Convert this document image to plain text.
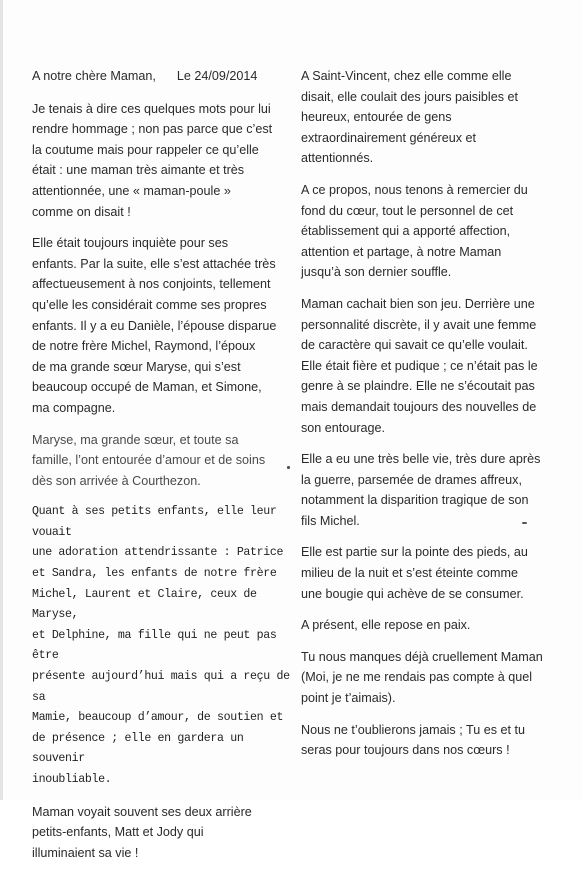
A notre chère Maman,      Le 24/09/2014

Je tenais à dire ces quelques mots pour lui
rendre hommage ; non pas parce que c’est
la coutume mais pour rappeler ce qu’elle
était : une maman très aimante et très
attentionnée, une « maman-poule »
comme on disait !

Elle était toujours inquiète pour ses
enfants. Par la suite, elle s’est attachée très
affectueusement à nos conjoints, tellement
qu’elle les considérait comme ses propres
enfants. Il y a eu Danièle, l’épouse disparue
de notre frère Michel, Raymond, l’époux
de ma grande sœur Maryse, qui s’est
beaucoup occupé de Maman, et Simone,
ma compagne.

Maryse, ma grande sœur, et toute sa
famille, l’ont entourée d’amour et de soins
dès son arrivée à Courthezon.

Quant à ses petits enfants, elle leur vouait
une adoration attendrissante : Patrice
et Sandra, les enfants de notre frère
Michel, Laurent et Claire, ceux de Maryse,
et Delphine, ma fille qui ne peut pas être
présente aujourd’hui mais qui a reçu de sa
Mamie, beaucoup d’amour, de soutien et
de présence ; elle en gardera un souvenir
inoubliable.

Maman voyait souvent ses deux arrière
petits-enfants, Matt et Jody qui
illuminaient sa vie !

A Saint-Vincent, chez elle comme elle
disait, elle coulait des jours paisibles et
heureux, entourée de gens
extraordinairement généreux et
attentionnés.

A ce propos, nous tenons à remercier du
fond du cœur, tout le personnel de cet
établissement qui a apporté affection,
attention et partage, à notre Maman
jusqu’à son dernier souffle.

Maman cachait bien son jeu. Derrière une
personnalité discrète, il y avait une femme
de caractère qui savait ce qu’elle voulait.
Elle était fière et pudique ; ce n’était pas le
genre à se plaindre. Elle ne s’écoutait pas
mais demandait toujours des nouvelles de
son entourage.

Elle a eu une très belle vie, très dure après
la guerre, parsemée de drames affreux,
notamment la disparition tragique de son
fils Michel.

Elle est partie sur la pointe des pieds, au
milieu de la nuit et s’est éteinte comme
une bougie qui achève de se consumer.

A présent, elle repose en paix.

Tu nous manques déjà cruellement Maman
(Moi, je ne me rendais pas compte à quel
point je t’aimais).

Nous ne t’oublierons jamais ; Tu es et tu
seras pour toujours dans nos cœurs !
